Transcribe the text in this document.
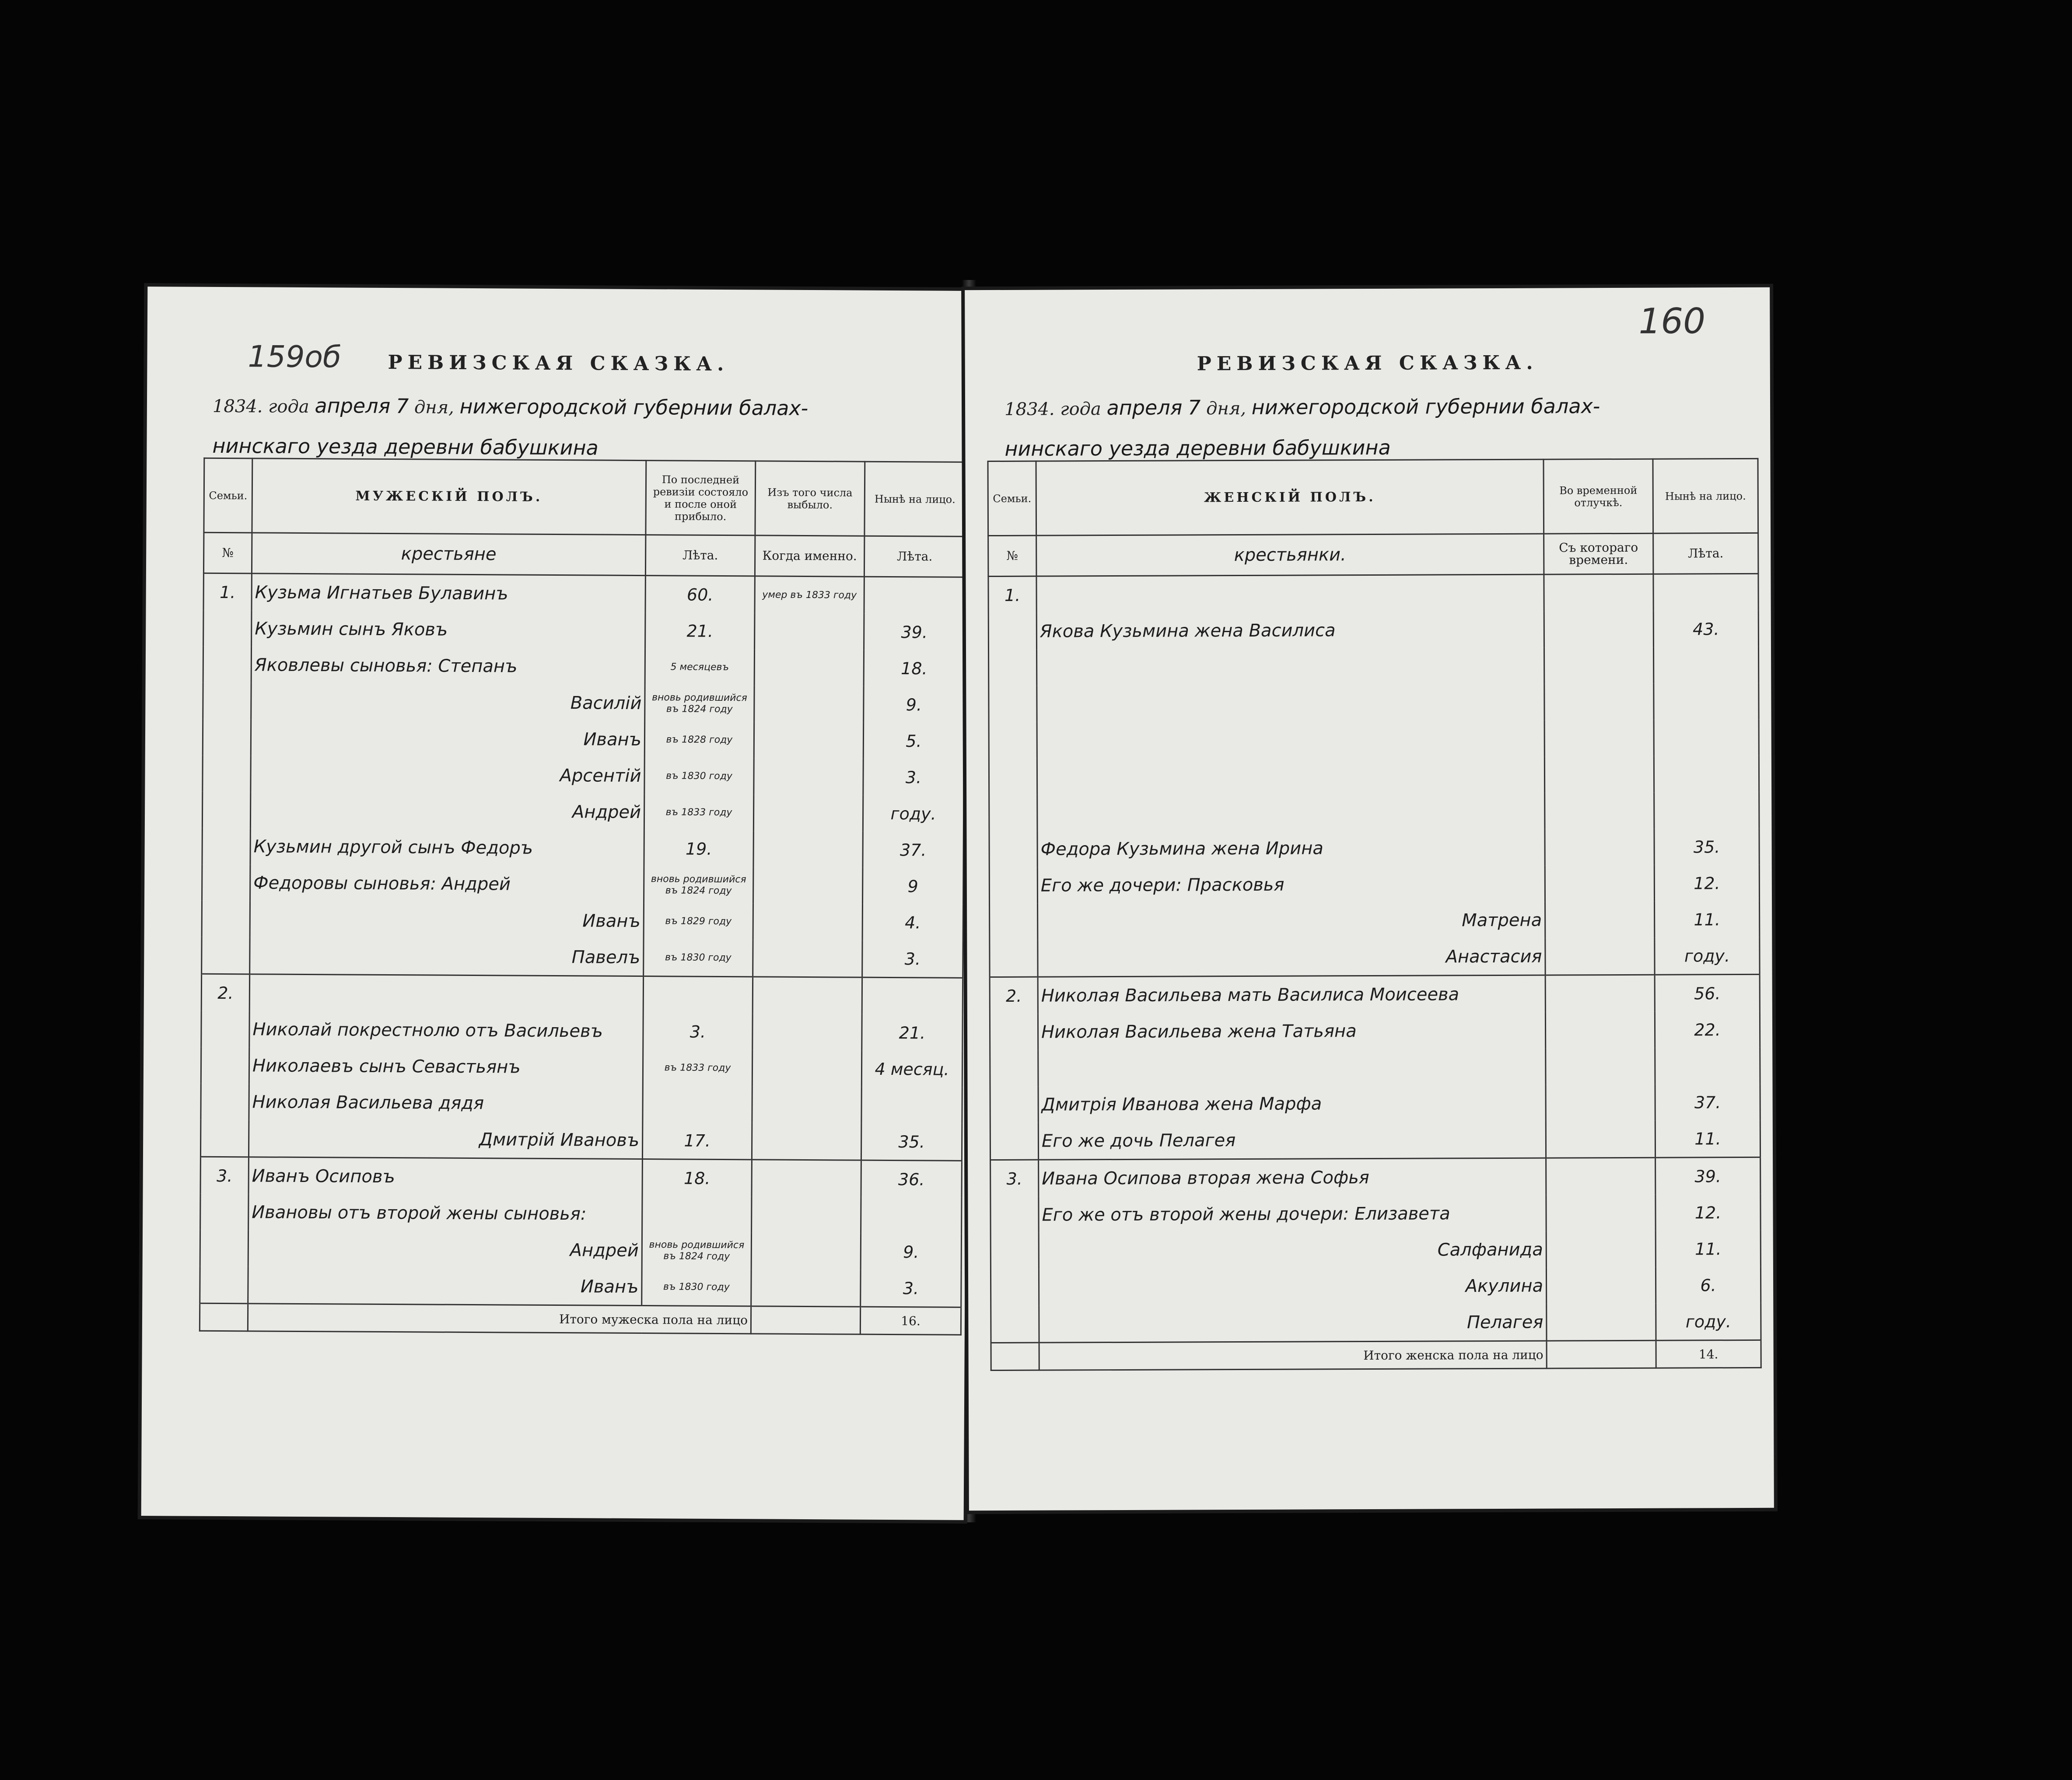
159об	РЕВИЗСКАЯ СКАЗКА.
1834. года апреля 7 дня, нижегородской губернии балах-
нинскаго уезда деревни бабушкина
Семьи.	МУЖЕСКІЙ ПОЛЪ.	По последней ревизіи состояло и после оной прибыло.	Изъ того числа выбыло.	Нынѣ на лицо.
№	крестьяне	Лѣта.	Когда именно.	Лѣта.
1.	Кузьма Игнатьев Булавинъ	60.	умер въ 1833 году	
	Кузьмин сынъ Яковъ	21.		39.
	Яковлевы сыновья: Степанъ	5 месяцевъ		18.
	Василій	вновь родившийся въ 1824 году		9.
	Иванъ	въ 1828 году		5.
	Арсентій	въ 1830 году		3.
	Андрей	въ 1833 году		году.
	Кузьмин другой сынъ Федоръ	19.		37.
	Федоровы сыновья: Андрей	вновь родившийся въ 1824 году		9
	Иванъ	въ 1829 году		4.
	Павелъ	въ 1830 году		3.
2.				
	Николай покрестнолю отъ Васильевъ	3.		21.
	Николаевъ сынъ Севастьянъ	въ 1833 году		4 месяц.
	Николая Васильева дядя			
	Дмитрій Ивановъ	17.		35.
3.	Иванъ Осиповъ	18.		36.
	Ивановы отъ второй жены сыновья:			
	Андрей	вновь родившийся въ 1824 году		9.
	Иванъ	въ 1830 году		3.
	Итого мужеска пола на лицо			16.
160
РЕВИЗСКАЯ СКАЗКА.
1834. года апреля 7 дня, нижегородской губернии балах-
нинскаго уезда деревни бабушкина
Семьи.	ЖЕНСКІЙ ПОЛЪ.	Во временной отлучкѣ.	Нынѣ на лицо.
№	крестьянки.	Съ котораго времени.	Лѣта.
1.			
	Якова Кузьмина жена Василиса		43.

	Федора Кузьмина жена Ирина		35.
	Его же дочери: Прасковья		12.
	Матрена		11.
	Анастасия		году.
2.	Николая Васильева мать Василиса Моисеева		56.
	Николая Васильева жена Татьяна		22.

	Дмитрія Иванова жена Марфа		37.
	Его же дочь Пелагея		11.
3.	Ивана Осипова вторая жена Софья		39.
	Его же отъ второй жены дочери: Елизавета		12.
	Салфанида		11.
	Акулина		6.
	Пелагея		году.
	Итого женска пола на лицо		14.
